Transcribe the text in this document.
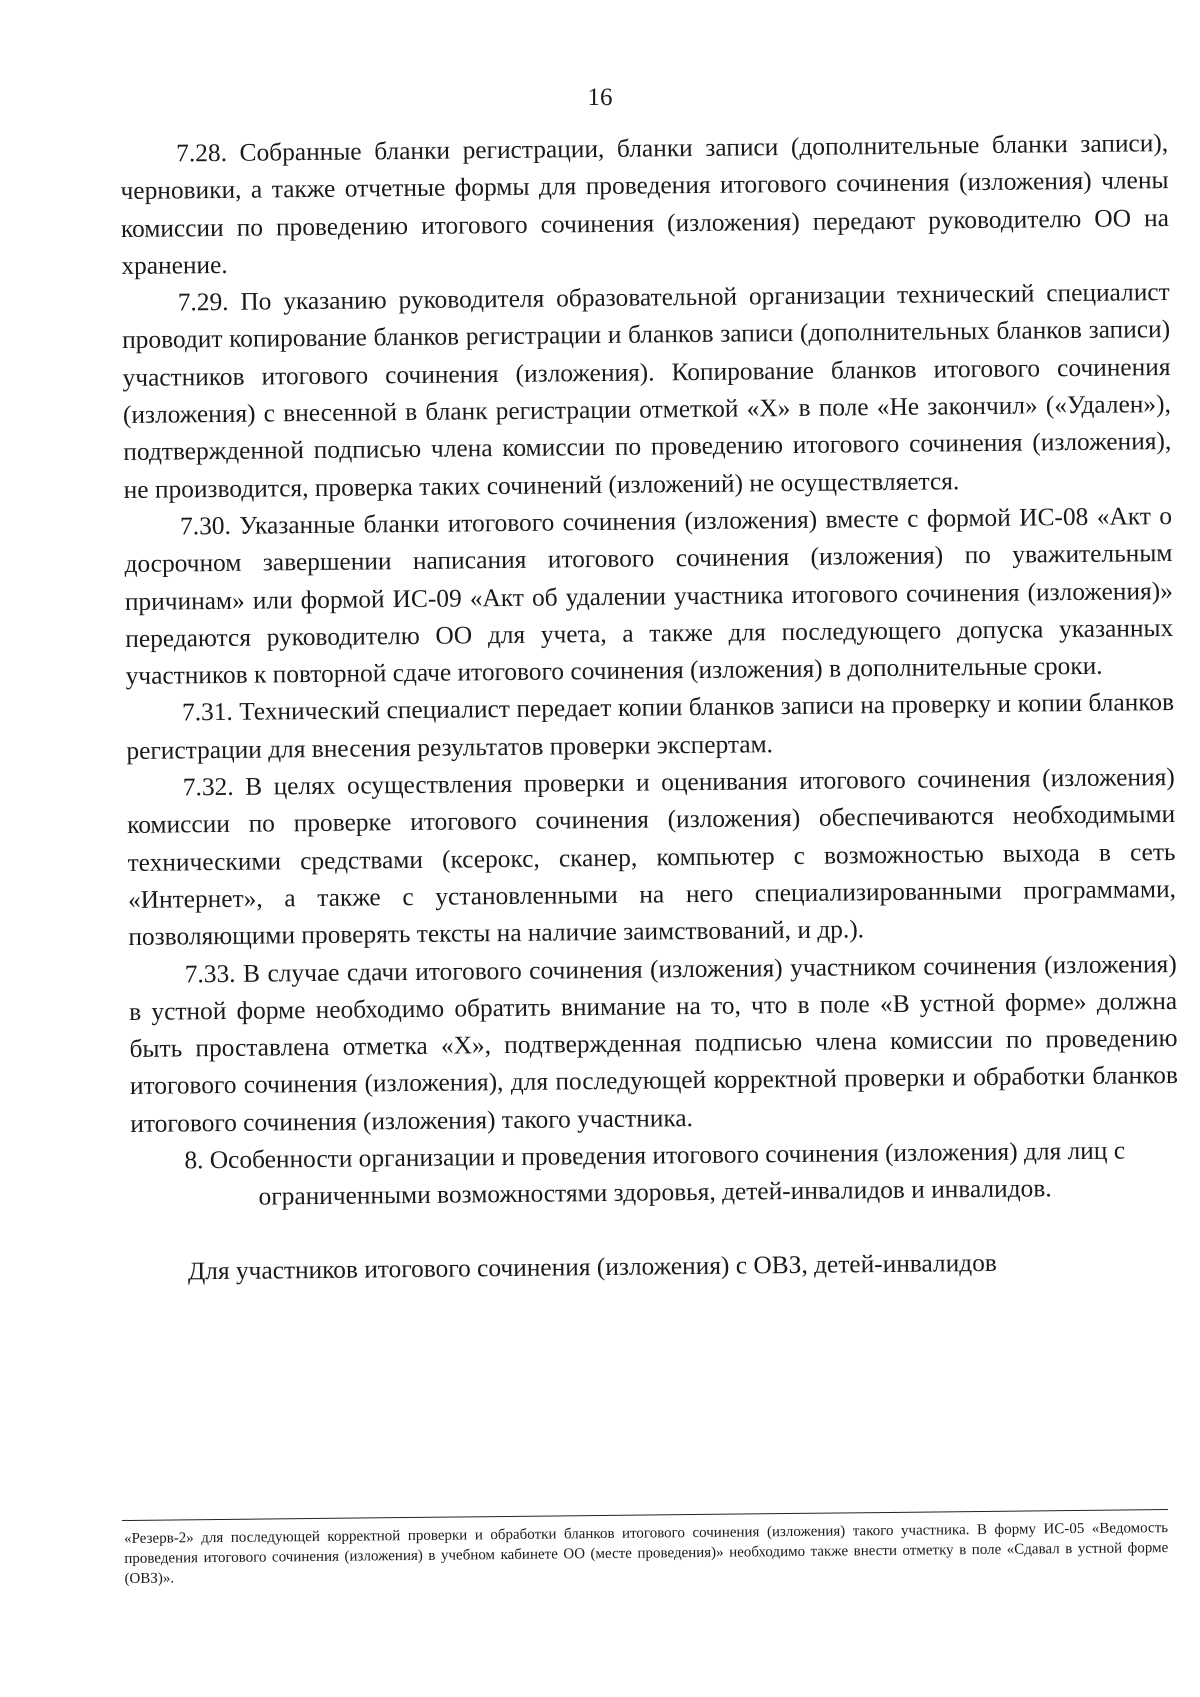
16

7.28. Собранные бланки регистрации, бланки записи (дополнительные бланки записи), черновики, а также отчетные формы для проведения итогового сочинения (изложения) члены комиссии по проведению итогового сочинения (изложения) передают руководителю ОО на хранение.

7.29. По указанию руководителя образовательной организации технический специалист проводит копирование бланков регистрации и бланков записи (дополнительных бланков записи) участников итогового сочинения (изложения). Копирование бланков итогового сочинения (изложения) с внесенной в бланк регистрации отметкой «X» в поле «Не закончил» («Удален»), подтвержденной подписью члена комиссии по проведению итогового сочинения (изложения), не производится, проверка таких сочинений (изложений) не осуществляется.

7.30. Указанные бланки итогового сочинения (изложения) вместе с формой ИС-08 «Акт о досрочном завершении написания итогового сочинения (изложения) по уважительным причинам» или формой ИС-09 «Акт об удалении участника итогового сочинения (изложения)» передаются руководителю ОО для учета, а также для последующего допуска указанных участников к повторной сдаче итогового сочинения (изложения) в дополнительные сроки.

7.31. Технический специалист передает копии бланков записи на проверку и копии бланков регистрации для внесения результатов проверки экспертам.

7.32. В целях осуществления проверки и оценивания итогового сочинения (изложения) комиссии по проверке итогового сочинения (изложения) обеспечиваются необходимыми техническими средствами (ксерокс, сканер, компьютер с возможностью выхода в сеть «Интернет», а также с установленными на него специализированными программами, позволяющими проверять тексты на наличие заимствований, и др.).

7.33. В случае сдачи итогового сочинения (изложения) участником сочинения (изложения) в устной форме необходимо обратить внимание на то, что в поле «В устной форме» должна быть проставлена отметка «X», подтвержденная подписью члена комиссии по проведению итогового сочинения (изложения), для последующей корректной проверки и обработки бланков итогового сочинения (изложения) такого участника.

8. Особенности организации и проведения итогового сочинения (изложения) для лиц с ограниченными возможностями здоровья, детей-инвалидов и инвалидов.

Для участников итогового сочинения (изложения) с ОВЗ, детей-инвалидов

«Резерв-2» для последующей корректной проверки и обработки бланков итогового сочинения (изложения) такого участника. В форму ИС-05 «Ведомость проведения итогового сочинения (изложения) в учебном кабинете ОО (месте проведения)» необходимо также внести отметку в поле «Сдавал в устной форме (ОВЗ)».
